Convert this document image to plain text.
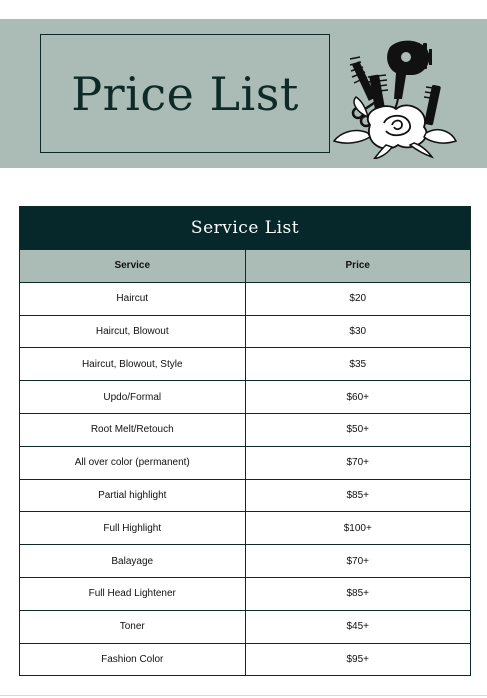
Price List
Service List
Service	Price
Haircut	$20
Haircut, Blowout	$30
Haircut, Blowout, Style	$35
Updo/Formal	$60+
Root Melt/Retouch	$50+
All over color (permanent)	$70+
Partial highlight	$85+
Full Highlight	$100+
Balayage	$70+
Full Head Lightener	$85+
Toner	$45+
Fashion Color	$95+
